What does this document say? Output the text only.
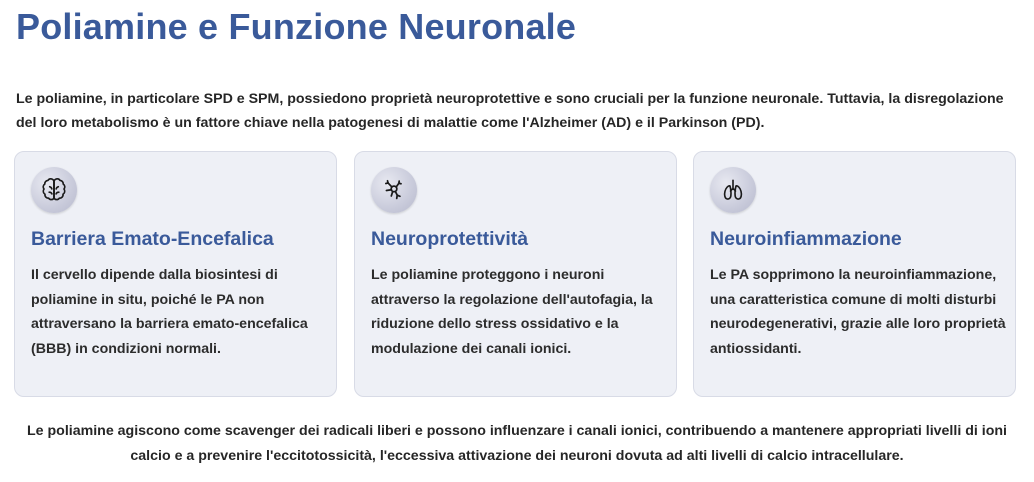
Poliamine e Funzione Neuronale

Le poliamine, in particolare SPD e SPM, possiedono proprietà neuroprotettive e sono cruciali per la funzione neuronale. Tuttavia, la disregolazione del loro metabolismo è un fattore chiave nella patogenesi di malattie come l'Alzheimer (AD) e il Parkinson (PD).

Barriera Emato-Encefalica

Il cervello dipende dalla biosintesi di poliamine in situ, poiché le PA non attraversano la barriera emato-encefalica (BBB) in condizioni normali.

Neuroprotettività

Le poliamine proteggono i neuroni attraverso la regolazione dell'autofagia, la riduzione dello stress ossidativo e la modulazione dei canali ionici.

Neuroinfiammazione

Le PA sopprimono la neuroinfiammazione, una caratteristica comune di molti disturbi neurodegenerativi, grazie alle loro proprietà antiossidanti.

Le poliamine agiscono come scavenger dei radicali liberi e possono influenzare i canali ionici, contribuendo a mantenere appropriati livelli di ioni calcio e a prevenire l'eccitotossicità, l'eccessiva attivazione dei neuroni dovuta ad alti livelli di calcio intracellulare.
